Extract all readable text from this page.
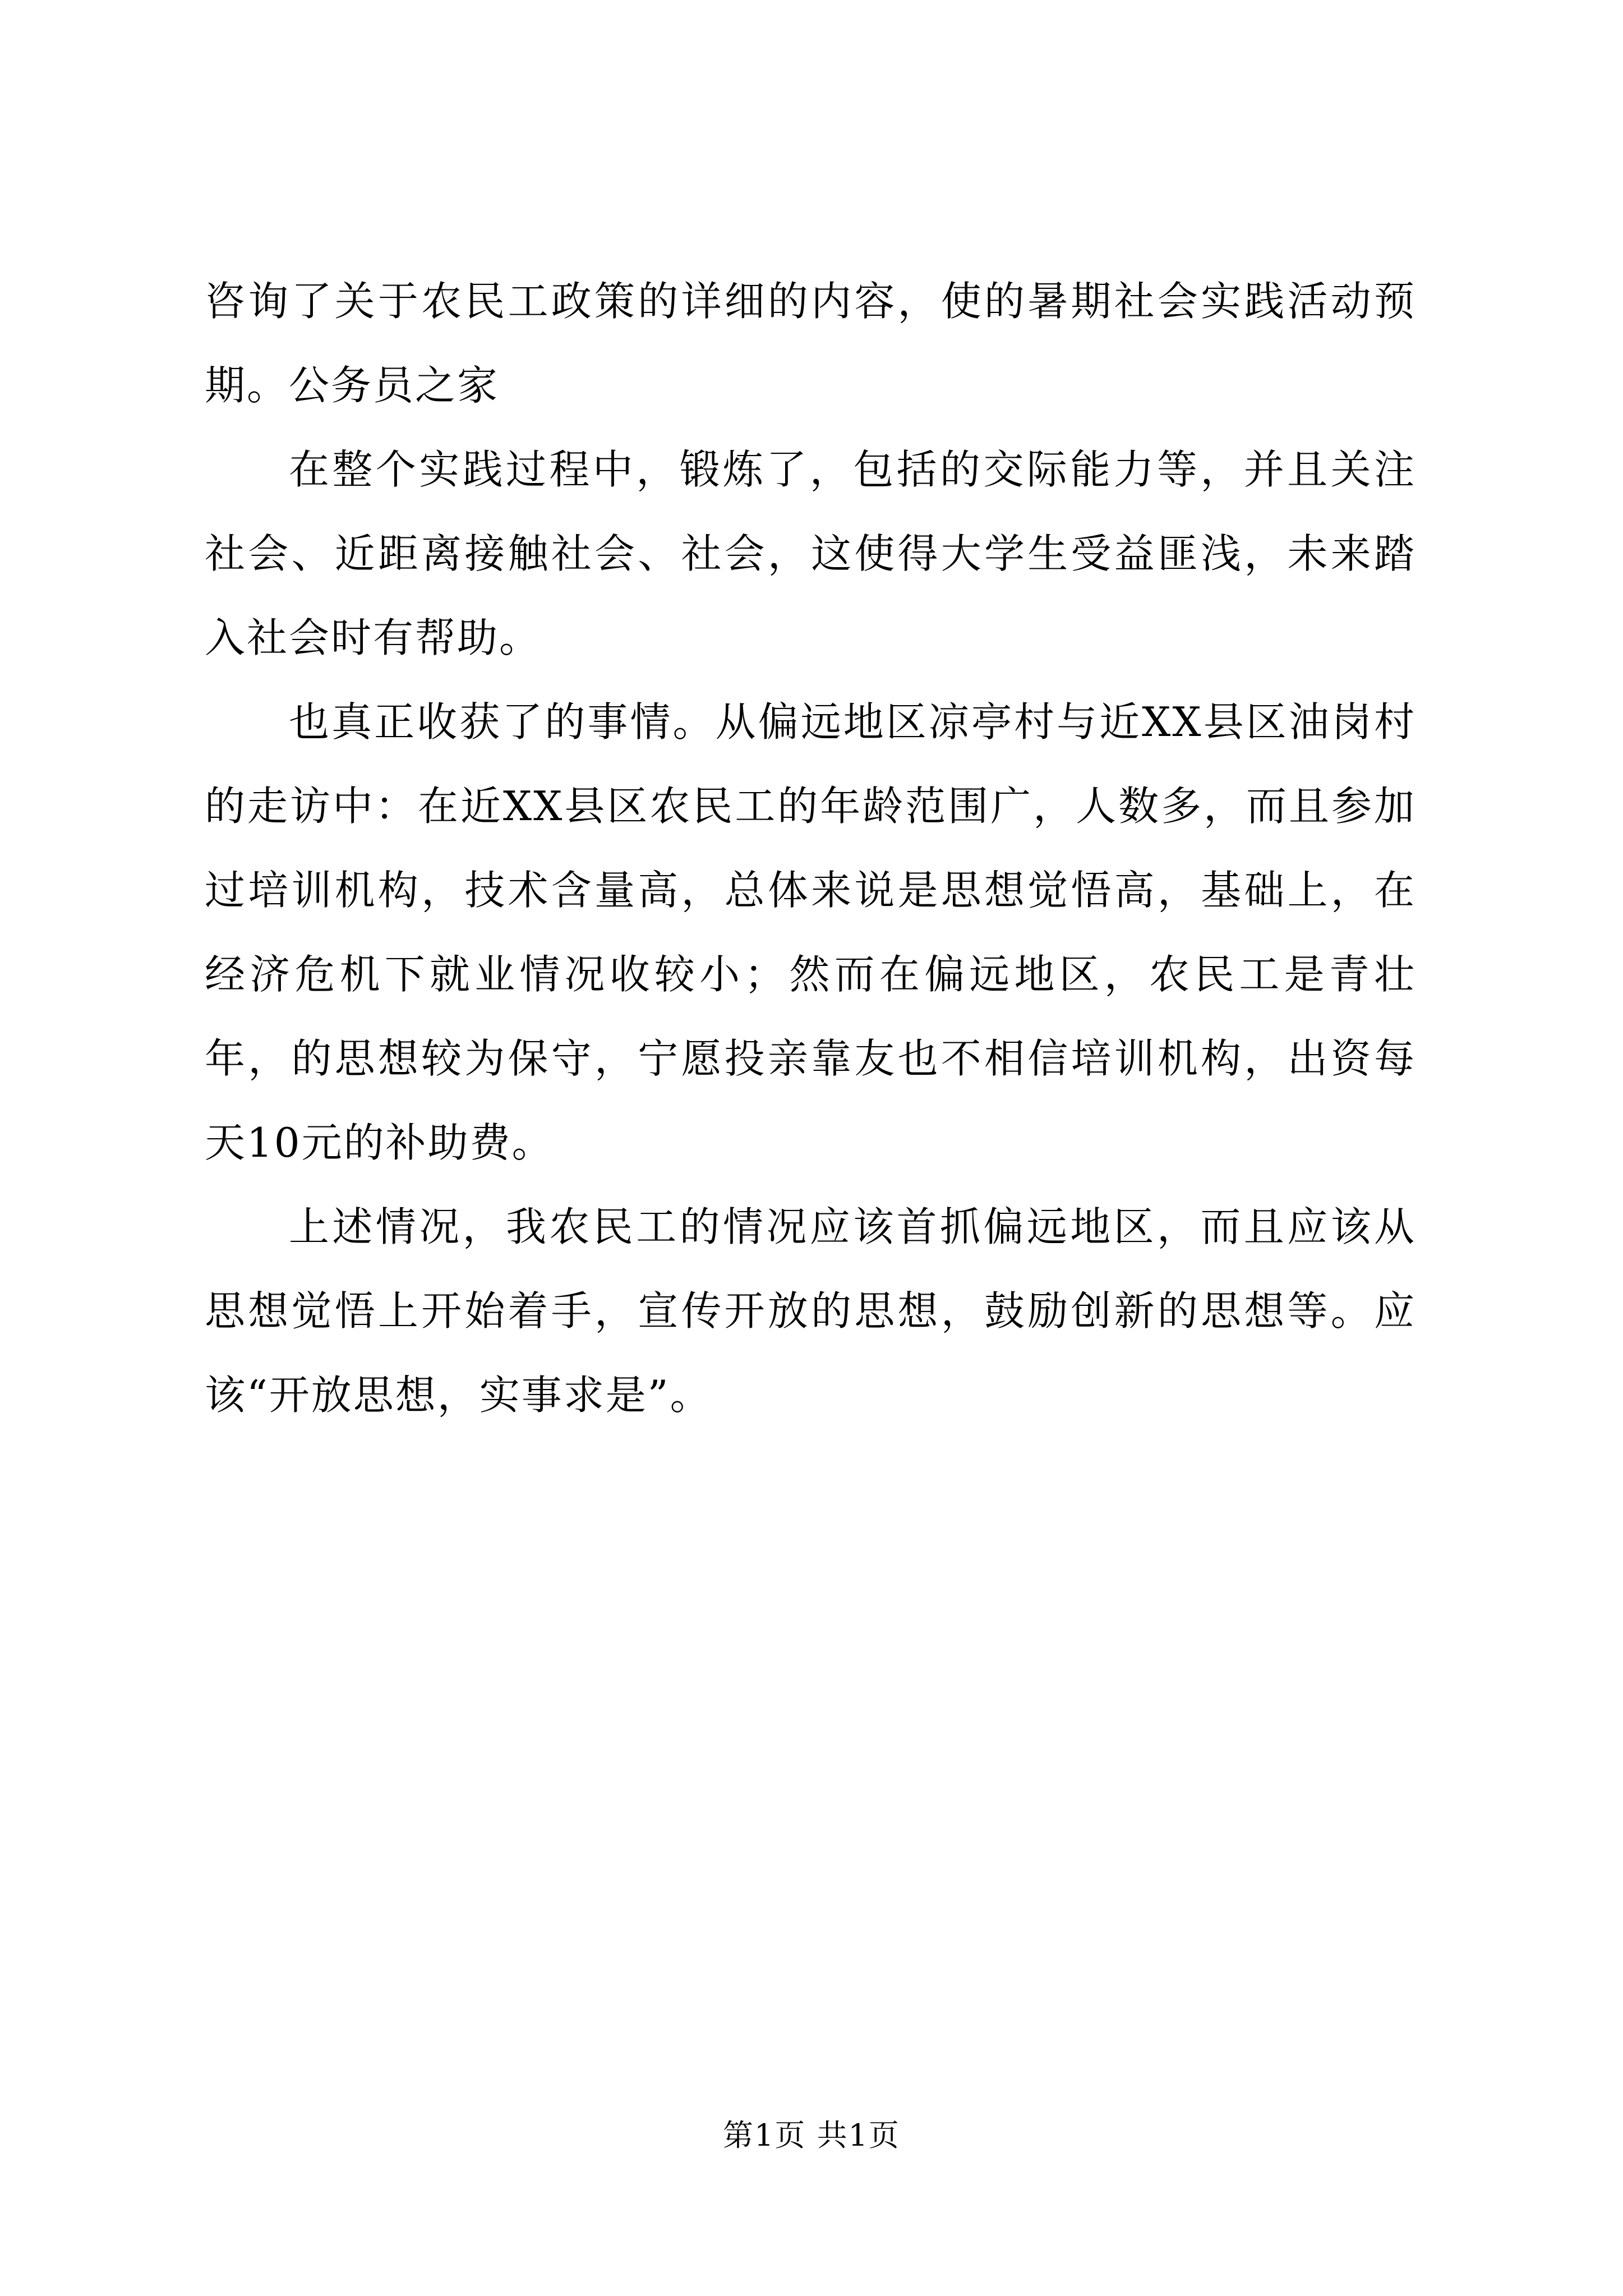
咨询了关于农民工政策的详细的内容，使的暑期社会实践活动预期。公务员之家

在整个实践过程中，锻炼了，包括的交际能力等，并且关注社会、近距离接触社会、社会，这使得大学生受益匪浅，未来踏入社会时有帮助。

也真正收获了的事情。从偏远地区凉亭村与近XX县区油岗村的走访中：在近XX县区农民工的年龄范围广，人数多，而且参加过培训机构，技术含量高，总体来说是思想觉悟高，基础上，在经济危机下就业情况收较小；然而在偏远地区，农民工是青壮年，的思想较为保守，宁愿投亲靠友也不相信培训机构，出资每天10元的补助费。

上述情况，我农民工的情况应该首抓偏远地区，而且应该从思想觉悟上开始着手，宣传开放的思想，鼓励创新的思想等。应该“开放思想，实事求是”。

第1页 共1页
